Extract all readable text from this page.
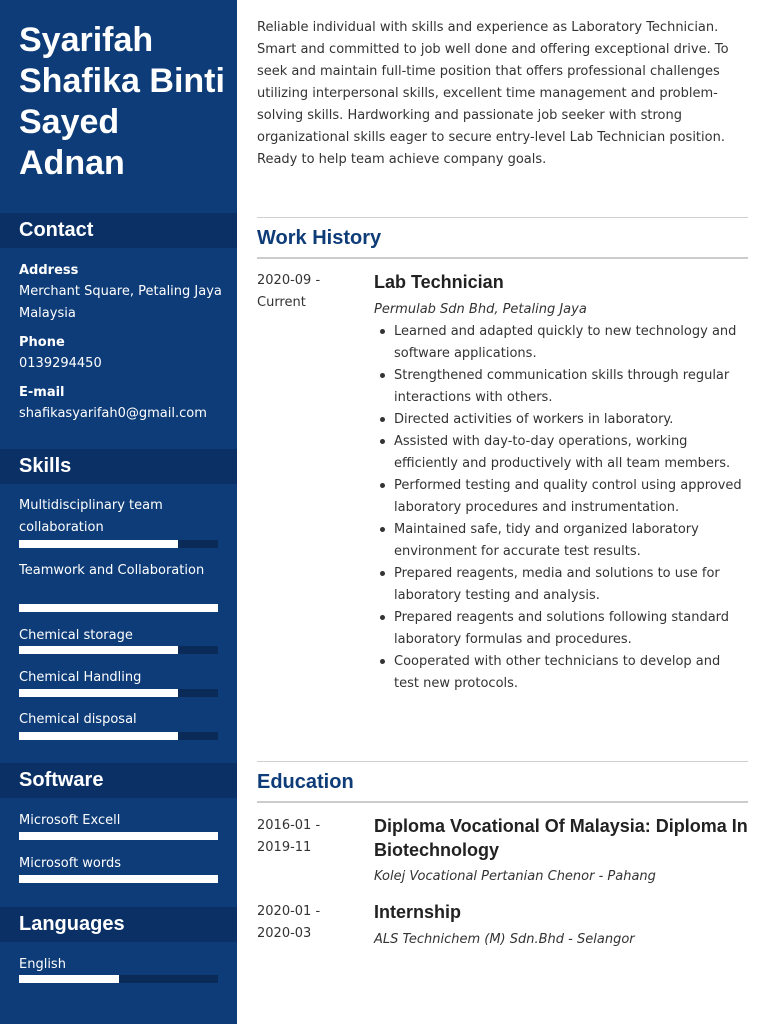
Syarifah Shafika Binti Sayed Adnan
Contact
Address
Merchant Square, Petaling Jaya Malaysia
Phone
0139294450
E-mail
shafikasyarifah0@gmail.com
Skills
Multidisciplinary team collaboration
Teamwork and Collaboration
Chemical storage
Chemical Handling
Chemical disposal
Software
Microsoft Excell
Microsoft words
Languages
English
Reliable individual with skills and experience as Laboratory Technician. Smart and committed to job well done and offering exceptional drive. To seek and maintain full-time position that offers professional challenges utilizing interpersonal skills, excellent time management and problem-solving skills. Hardworking and passionate job seeker with strong organizational skills eager to secure entry-level Lab Technician position. Ready to help team achieve company goals.
Work History
2020-09 - Current
Lab Technician
Permulab Sdn Bhd, Petaling Jaya
Learned and adapted quickly to new technology and software applications.
Strengthened communication skills through regular interactions with others.
Directed activities of workers in laboratory.
Assisted with day-to-day operations, working efficiently and productively with all team members.
Performed testing and quality control using approved laboratory procedures and instrumentation.
Maintained safe, tidy and organized laboratory environment for accurate test results.
Prepared reagents, media and solutions to use for laboratory testing and analysis.
Prepared reagents and solutions following standard laboratory formulas and procedures.
Cooperated with other technicians to develop and test new protocols.
Education
2016-01 - 2019-11
Diploma Vocational Of Malaysia: Diploma In Biotechnology
Kolej Vocational Pertanian Chenor - Pahang
2020-01 - 2020-03
Internship
ALS Technichem (M) Sdn.Bhd - Selangor
